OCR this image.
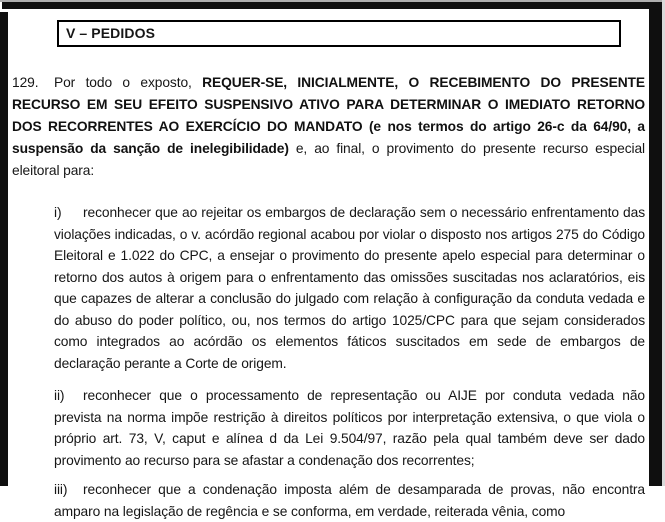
V – PEDIDOS

129. Por todo o exposto, REQUER-SE, INICIALMENTE, O RECEBIMENTO DO PRESENTE RECURSO EM SEU EFEITO SUSPENSIVO ATIVO PARA DETERMINAR O IMEDIATO RETORNO DOS RECORRENTES AO EXERCÍCIO DO MANDATO (e nos termos do artigo 26-c da 64/90, a suspensão da sanção de inelegibilidade) e, ao final, o provimento do presente recurso especial eleitoral para:

i) reconhecer que ao rejeitar os embargos de declaração sem o necessário enfrentamento das violações indicadas, o v. acórdão regional acabou por violar o disposto nos artigos 275 do Código Eleitoral e 1.022 do CPC, a ensejar o provimento do presente apelo especial para determinar o retorno dos autos à origem para o enfrentamento das omissões suscitadas nos aclaratórios, eis que capazes de alterar a conclusão do julgado com relação à configuração da conduta vedada e do abuso do poder político, ou, nos termos do artigo 1025/CPC para que sejam considerados como integrados ao acórdão os elementos fáticos suscitados em sede de embargos de declaração perante a Corte de origem.

ii) reconhecer que o processamento de representação ou AIJE por conduta vedada não prevista na norma impõe restrição à direitos políticos por interpretação extensiva, o que viola o próprio art. 73, V, caput e alínea d da Lei 9.504/97, razão pela qual também deve ser dado provimento ao recurso para se afastar a condenação dos recorrentes;

iii) reconhecer que a condenação imposta além de desamparada de provas, não encontra amparo na legislação de regência e se conforma, em verdade, reiterada vênia, como
